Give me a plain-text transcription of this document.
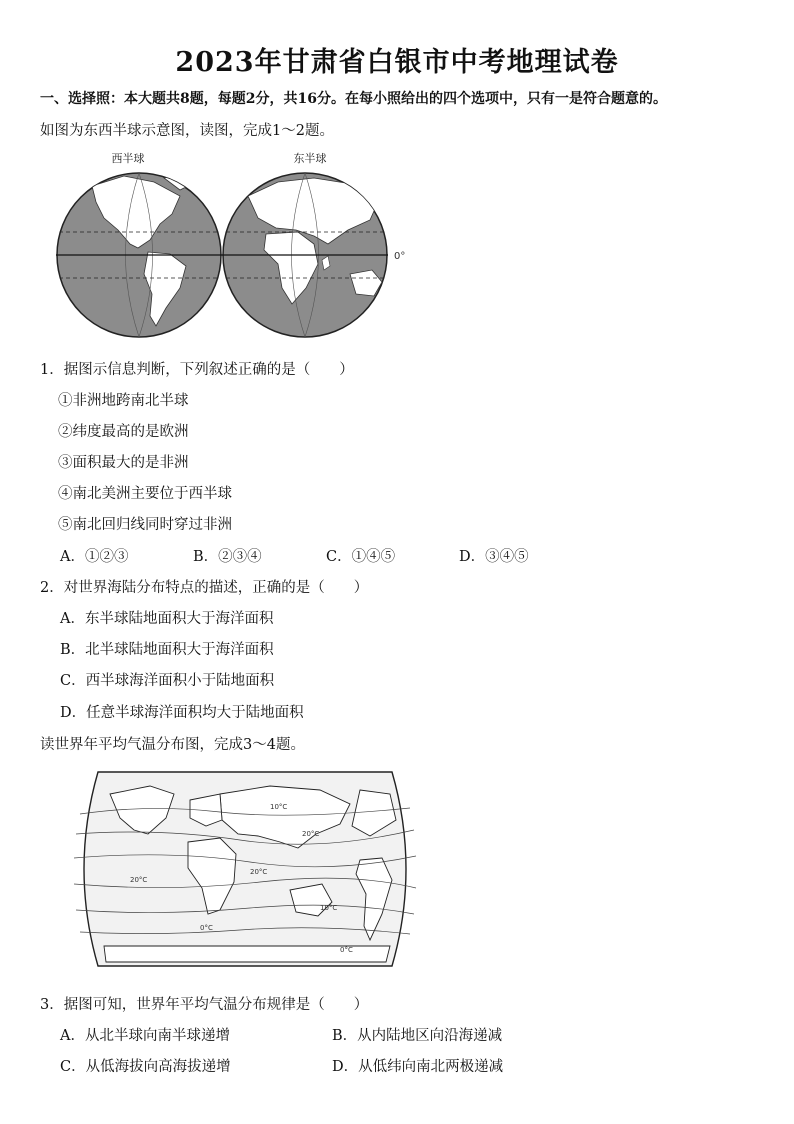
2023年甘肃省白银市中考地理试卷
一、选择照：本大题共8题，每题2分，共16分。在每小照给出的四个选项中，只有一是符合题意的。
如图为东西半球示意图，读图，完成1～2题。
西半球	东半球
0°
1．据图示信息判断，下列叙述正确的是（　　）
①非洲地跨南北半球
②纬度最高的是欧洲
③面积最大的是非洲
④南北美洲主要位于西半球
⑤南北回归线同时穿过非洲
A．①②③	B．②③④	C．①④⑤	D．③④⑤
2．对世界海陆分布特点的描述，正确的是（　　）
A．东半球陆地面积大于海洋面积
B．北半球陆地面积大于海洋面积
C．西半球海洋面积小于陆地面积
D．任意半球海洋面积均大于陆地面积
读世界年平均气温分布图，完成3～4题。
10°C
20°C
20°C
10°C
0°C
0°C
20°C
3．据图可知，世界年平均气温分布规律是（　　）
A．从北半球向南半球递增	B．从内陆地区向沿海递减
C．从低海拔向高海拔递增	D．从低纬向南北两极递减
